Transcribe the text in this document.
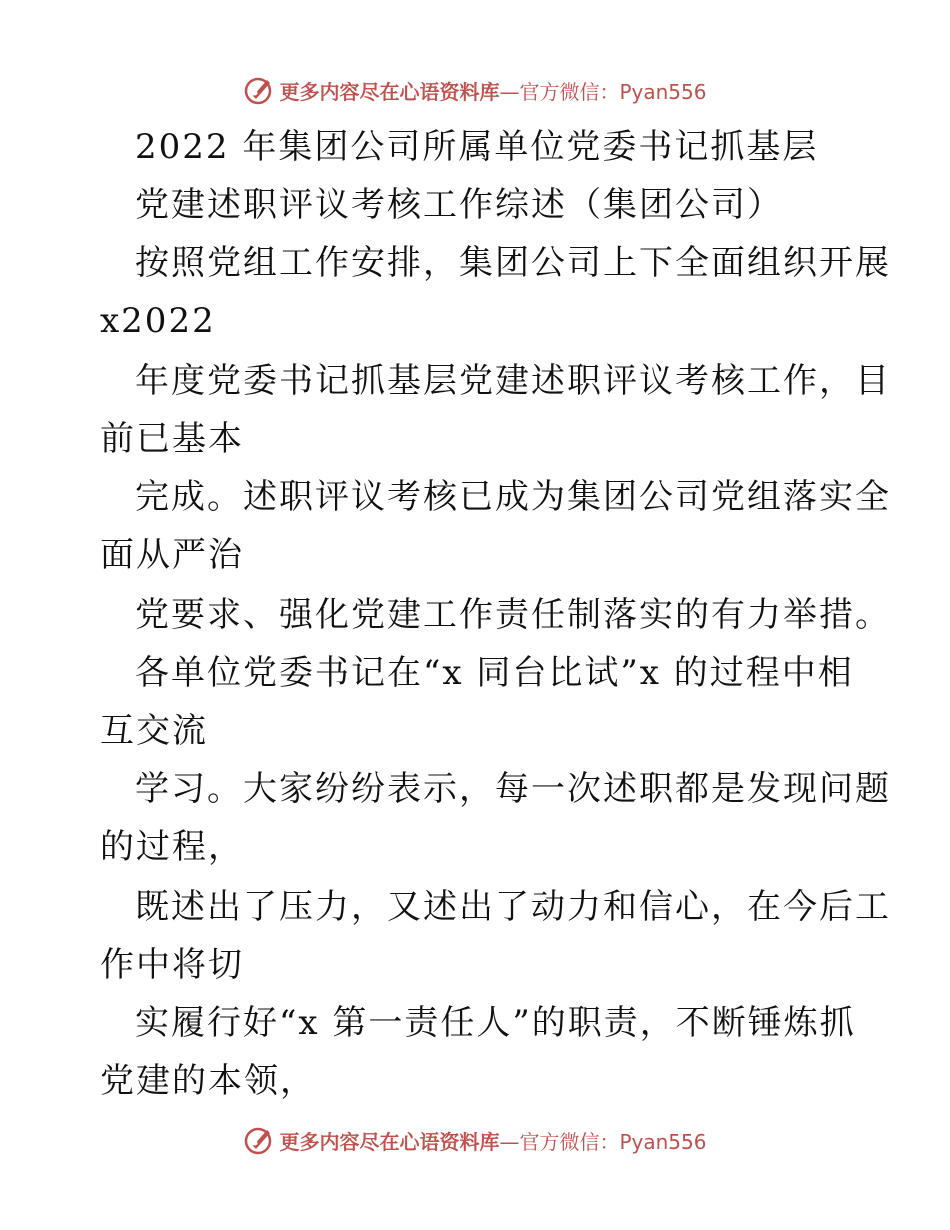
更多内容尽在心语资料库 —官方微信：Pyan556
2022 年集团公司所属单位党委书记抓基层
党建述职评议考核工作综述（集团公司）
按照党组工作安排，集团公司上下全面组织开展
x2022
年度党委书记抓基层党建述职评议考核工作，目
前已基本
完成。述职评议考核已成为集团公司党组落实全
面从严治
党要求、强化党建工作责任制落实的有力举措。
各单位党委书记在“x 同台比试”x 的过程中相
互交流
学习。大家纷纷表示，每一次述职都是发现问题
的过程，
既述出了压力，又述出了动力和信心，在今后工
作中将切
实履行好“x 第一责任人”的职责，不断锤炼抓
党建的本领，
更多内容尽在心语资料库 —官方微信：Pyan556
